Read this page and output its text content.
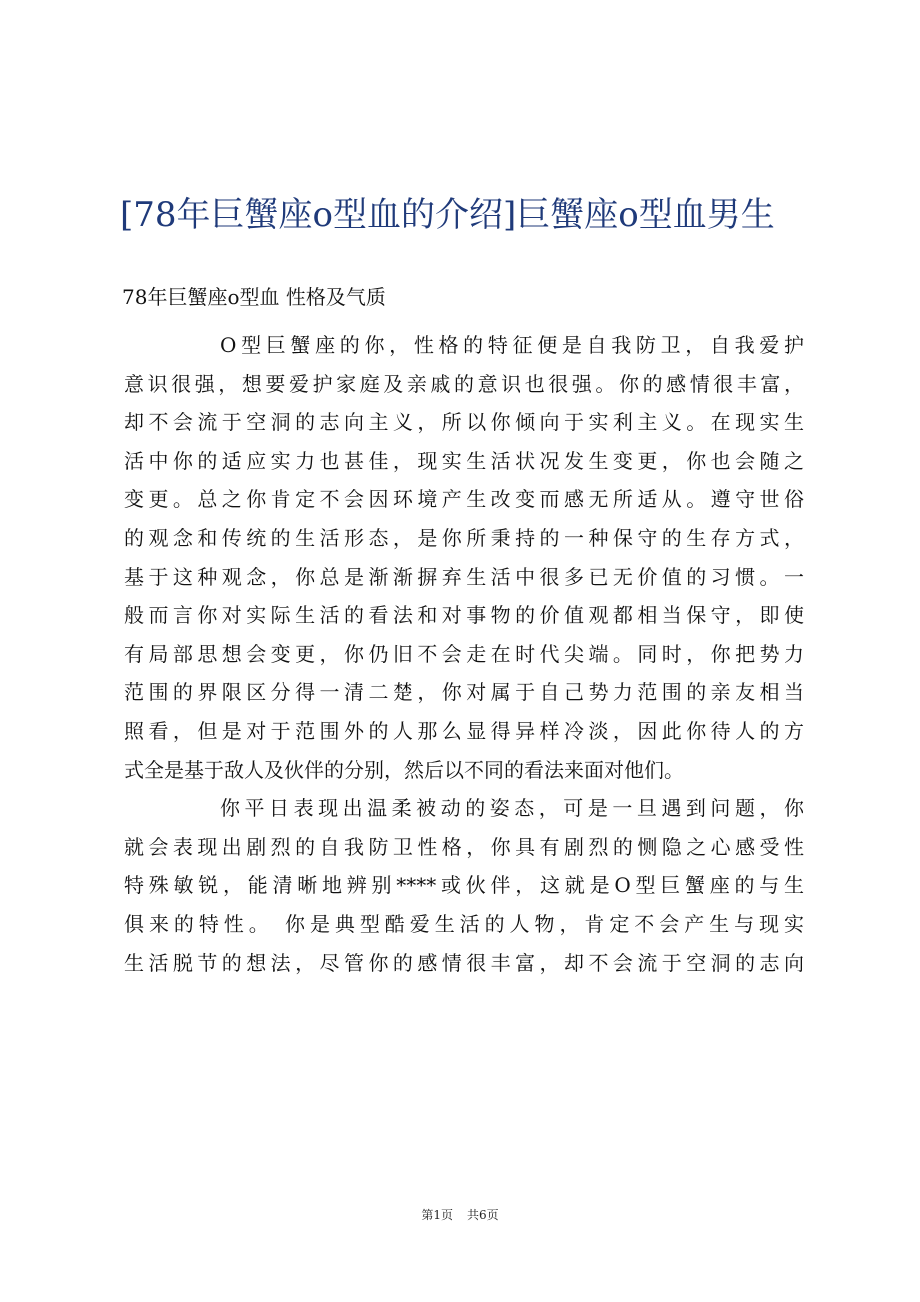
[78年巨蟹座o型血的介绍]巨蟹座o型血男生

78年巨蟹座o型血 性格及气质

O型巨蟹座的你，性格的特征便是自我防卫，自我爱护
意识很强，想要爱护家庭及亲戚的意识也很强。你的感情很丰富，
却不会流于空洞的志向主义，所以你倾向于实利主义。在现实生
活中你的适应实力也甚佳，现实生活状况发生变更，你也会随之
变更。总之你肯定不会因环境产生改变而感无所适从。遵守世俗
的观念和传统的生活形态，是你所秉持的一种保守的生存方式，
基于这种观念，你总是渐渐摒弃生活中很多已无价值的习惯。一
般而言你对实际生活的看法和对事物的价值观都相当保守，即使
有局部思想会变更，你仍旧不会走在时代尖端。同时，你把势力
范围的界限区分得一清二楚，你对属于自己势力范围的亲友相当
照看，但是对于范围外的人那么显得异样冷淡，因此你待人的方
式全是基于敌人及伙伴的分别，然后以不同的看法来面对他们。
你平日表现出温柔被动的姿态，可是一旦遇到问题，你
就会表现出剧烈的自我防卫性格，你具有剧烈的恻隐之心感受性
特殊敏锐，能清晰地辨别****或伙伴，这就是O型巨蟹座的与生
俱来的特性。 你是典型酷爱生活的人物，肯定不会产生与现实
生活脱节的想法，尽管你的感情很丰富，却不会流于空洞的志向
第1页 共6页
